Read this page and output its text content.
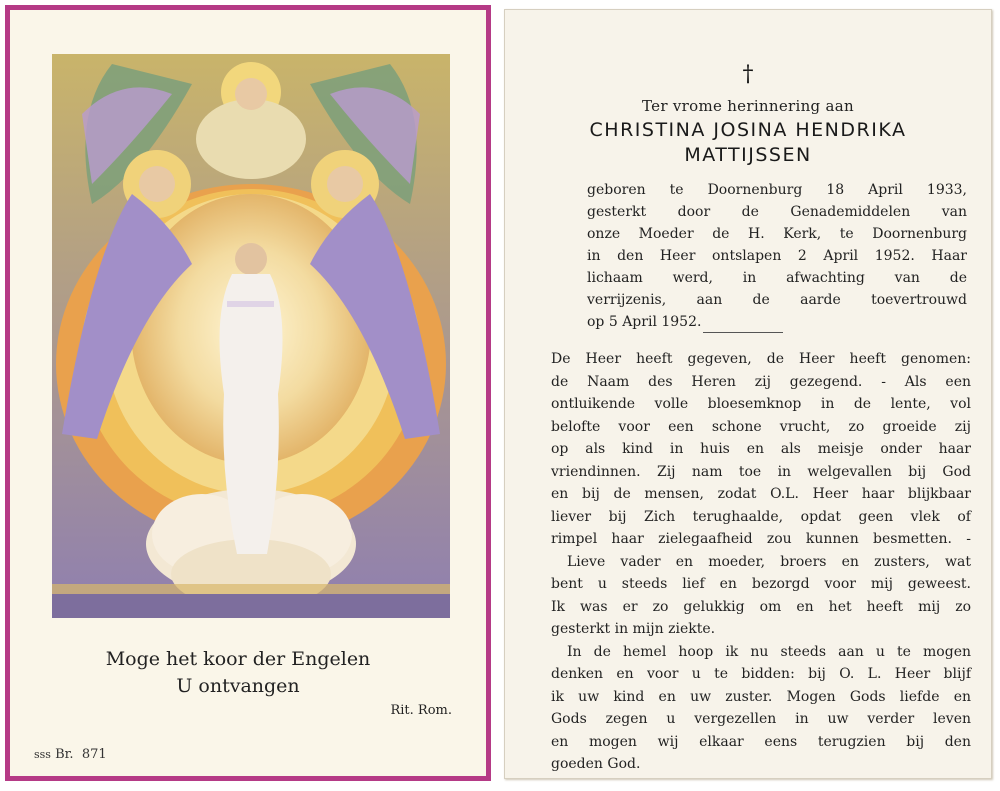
Moge het koor der Engelen
U ontvangen
Rit. Rom.
sss Br. 871
†
Ter vrome herinnering aan
CHRISTINA JOSINA HENDRIKA
MATTIJSSEN
geboren te Doornenburg 18 April 1933,
gesterkt door de Genademiddelen van
onze Moeder de H. Kerk, te Doornenburg
in den Heer ontslapen 2 April 1952. Haar
lichaam werd, in afwachting van de
verrijzenis, aan de aarde toevertrouwd
op 5 April 1952.
De Heer heeft gegeven, de Heer heeft genomen:
de Naam des Heren zij gezegend. - Als een
ontluikende volle bloesemknop in de lente, vol
belofte voor een schone vrucht, zo groeide zij
op als kind in huis en als meisje onder haar
vriendinnen. Zij nam toe in welgevallen bij God
en bij de mensen, zodat O.L. Heer haar blijkbaar
liever bij Zich terughaalde, opdat geen vlek of
rimpel haar zielegaafheid zou kunnen besmetten. -
Lieve vader en moeder, broers en zusters, wat
bent u steeds lief en bezorgd voor mij geweest.
Ik was er zo gelukkig om en het heeft mij zo
gesterkt in mijn ziekte.
In de hemel hoop ik nu steeds aan u te mogen
denken en voor u te bidden: bij O. L. Heer blijf
ik uw kind en uw zuster. Mogen Gods liefde en
Gods zegen u vergezellen in uw verder leven
en mogen wij elkaar eens terugzien bij den
goeden God.
